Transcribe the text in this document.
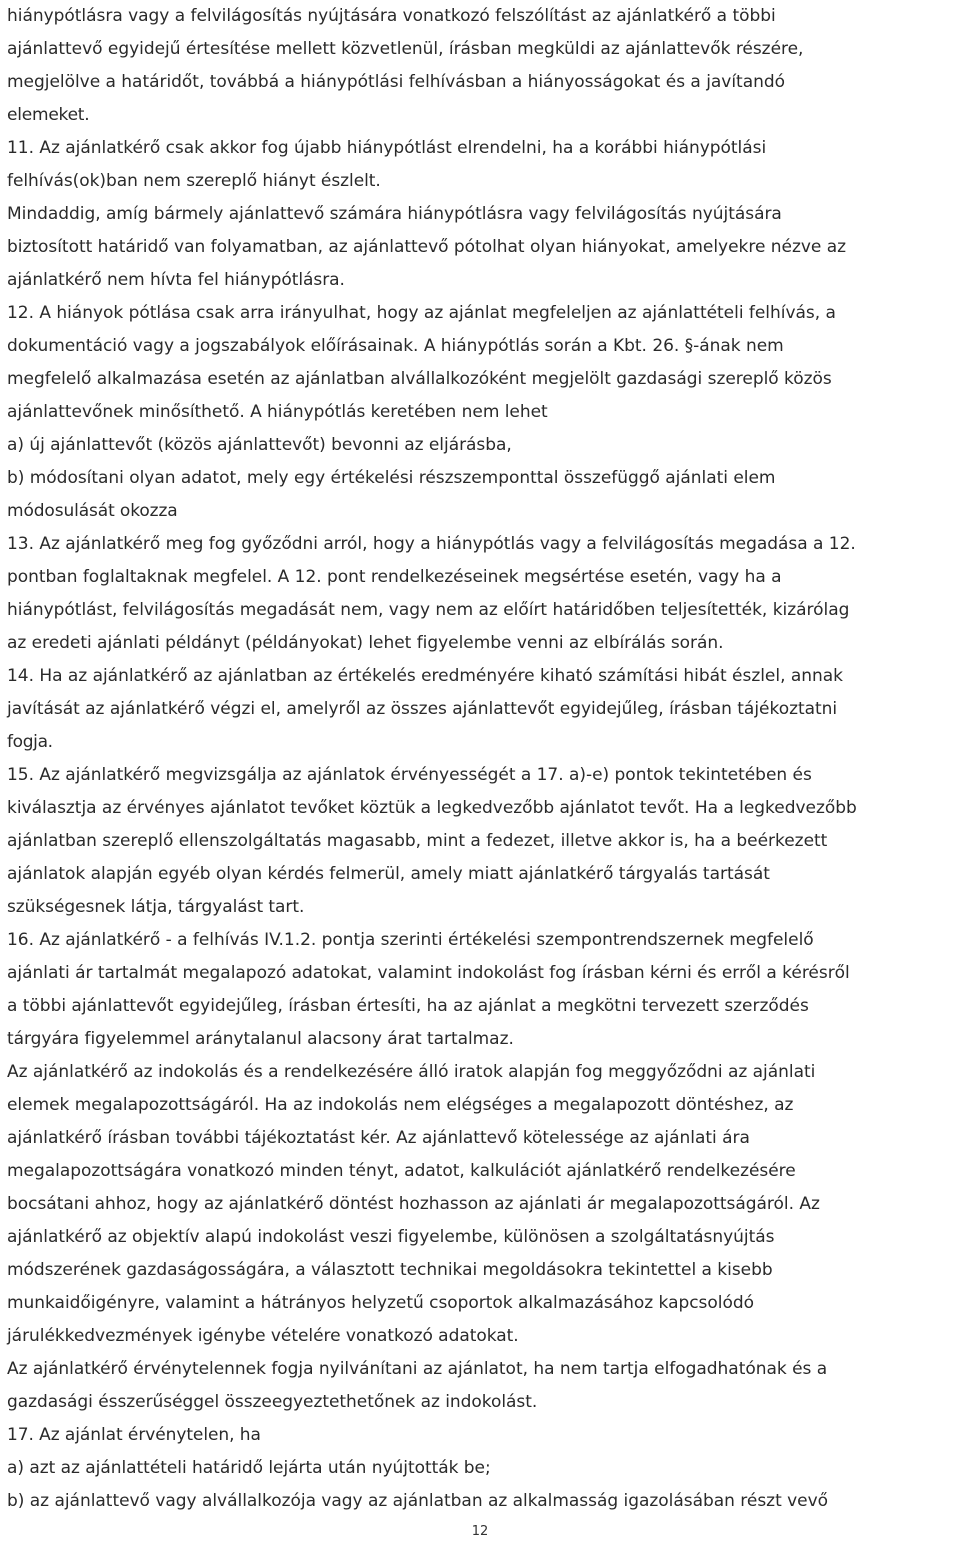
hiánypótlásra vagy a felvilágosítás nyújtására vonatkozó felszólítást az ajánlatkérő a többi
ajánlattevő egyidejű értesítése mellett közvetlenül, írásban megküldi az ajánlattevők részére,
megjelölve a határidőt, továbbá a hiánypótlási felhívásban a hiányosságokat és a javítandó
elemeket.
11. Az ajánlatkérő csak akkor fog újabb hiánypótlást elrendelni, ha a korábbi hiánypótlási
felhívás(ok)ban nem szereplő hiányt észlelt.
Mindaddig, amíg bármely ajánlattevő számára hiánypótlásra vagy felvilágosítás nyújtására
biztosított határidő van folyamatban, az ajánlattevő pótolhat olyan hiányokat, amelyekre nézve az
ajánlatkérő nem hívta fel hiánypótlásra.
12. A hiányok pótlása csak arra irányulhat, hogy az ajánlat megfeleljen az ajánlattételi felhívás, a
dokumentáció vagy a jogszabályok előírásainak. A hiánypótlás során a Kbt. 26. §-ának nem
megfelelő alkalmazása esetén az ajánlatban alvállalkozóként megjelölt gazdasági szereplő közös
ajánlattevőnek minősíthető. A hiánypótlás keretében nem lehet
a) új ajánlattevőt (közös ajánlattevőt) bevonni az eljárásba,
b) módosítani olyan adatot, mely egy értékelési részszemponttal összefüggő ajánlati elem
módosulását okozza
13. Az ajánlatkérő meg fog győződni arról, hogy a hiánypótlás vagy a felvilágosítás megadása a 12.
pontban foglaltaknak megfelel. A 12. pont rendelkezéseinek megsértése esetén, vagy ha a
hiánypótlást, felvilágosítás megadását nem, vagy nem az előírt határidőben teljesítették, kizárólag
az eredeti ajánlati példányt (példányokat) lehet figyelembe venni az elbírálás során.
14. Ha az ajánlatkérő az ajánlatban az értékelés eredményére kiható számítási hibát észlel, annak
javítását az ajánlatkérő végzi el, amelyről az összes ajánlattevőt egyidejűleg, írásban tájékoztatni
fogja.
15. Az ajánlatkérő megvizsgálja az ajánlatok érvényességét a 17. a)-e) pontok tekintetében és
kiválasztja az érvényes ajánlatot tevőket köztük a legkedvezőbb ajánlatot tevőt. Ha a legkedvezőbb
ajánlatban szereplő ellenszolgáltatás magasabb, mint a fedezet, illetve akkor is, ha a beérkezett
ajánlatok alapján egyéb olyan kérdés felmerül, amely miatt ajánlatkérő tárgyalás tartását
szükségesnek látja, tárgyalást tart.
16. Az ajánlatkérő - a felhívás IV.1.2. pontja szerinti értékelési szempontrendszernek megfelelő
ajánlati ár tartalmát megalapozó adatokat, valamint indokolást fog írásban kérni és erről a kérésről
a többi ajánlattevőt egyidejűleg, írásban értesíti, ha az ajánlat a megkötni tervezett szerződés
tárgyára figyelemmel aránytalanul alacsony árat tartalmaz.
Az ajánlatkérő az indokolás és a rendelkezésére álló iratok alapján fog meggyőződni az ajánlati
elemek megalapozottságáról. Ha az indokolás nem elégséges a megalapozott döntéshez, az
ajánlatkérő írásban további tájékoztatást kér. Az ajánlattevő kötelessége az ajánlati ára
megalapozottságára vonatkozó minden tényt, adatot, kalkulációt ajánlatkérő rendelkezésére
bocsátani ahhoz, hogy az ajánlatkérő döntést hozhasson az ajánlati ár megalapozottságáról. Az
ajánlatkérő az objektív alapú indokolást veszi figyelembe, különösen a szolgáltatásnyújtás
módszerének gazdaságosságára, a választott technikai megoldásokra tekintettel a kisebb
munkaidőigényre, valamint a hátrányos helyzetű csoportok alkalmazásához kapcsolódó
járulékkedvezmények igénybe vételére vonatkozó adatokat.
Az ajánlatkérő érvénytelennek fogja nyilvánítani az ajánlatot, ha nem tartja elfogadhatónak és a
gazdasági ésszerűséggel összeegyeztethetőnek az indokolást.
17. Az ajánlat érvénytelen, ha
a) azt az ajánlattételi határidő lejárta után nyújtották be;
b) az ajánlattevő vagy alvállalkozója vagy az ajánlatban az alkalmasság igazolásában részt vevő
12
